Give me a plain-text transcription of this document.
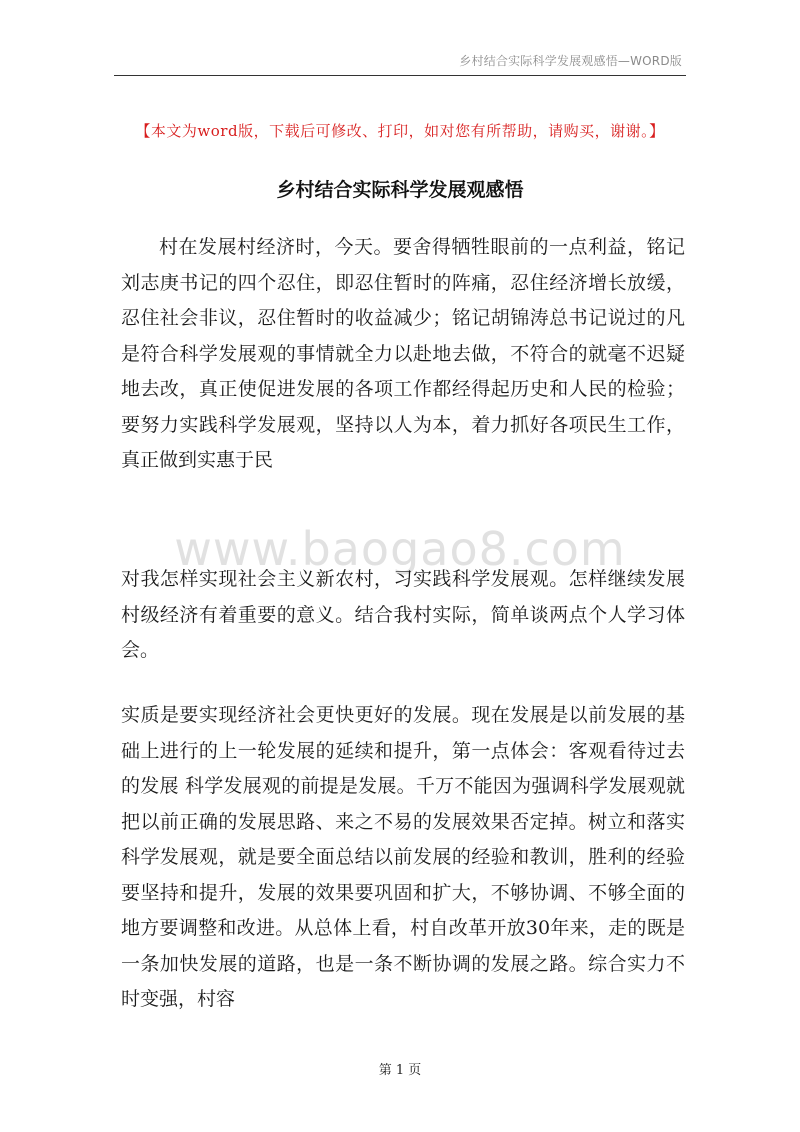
乡村结合实际科学发展观感悟—WORD版
【本文为word版，下载后可修改、打印，如对您有所帮助，请购买，谢谢。】
乡村结合实际科学发展观感悟

村在发展村经济时，今天。要舍得牺牲眼前的一点利益，铭记刘志庚书记的四个忍住，即忍住暂时的阵痛，忍住经济增长放缓，忍住社会非议，忍住暂时的收益减少；铭记胡锦涛总书记说过的凡是符合科学发展观的事情就全力以赴地去做，不符合的就毫不迟疑地去改，真正使促进发展的各项工作都经得起历史和人民的检验；要努力实践科学发展观，坚持以人为本，着力抓好各项民生工作，真正做到实惠于民

www.baogao8.com

对我怎样实现社会主义新农村，习实践科学发展观。怎样继续发展村级经济有着重要的意义。结合我村实际，简单谈两点个人学习体会。

实质是要实现经济社会更快更好的发展。现在发展是以前发展的基础上进行的上一轮发展的延续和提升，第一点体会：客观看待过去的发展 科学发展观的前提是发展。千万不能因为强调科学发展观就把以前正确的发展思路、来之不易的发展效果否定掉。树立和落实科学发展观，就是要全面总结以前发展的经验和教训，胜利的经验要坚持和提升，发展的效果要巩固和扩大，不够协调、不够全面的地方要调整和改进。从总体上看，村自改革开放30年来，走的既是一条加快发展的道路，也是一条不断协调的发展之路。综合实力不时变强，村容

第 1 页
